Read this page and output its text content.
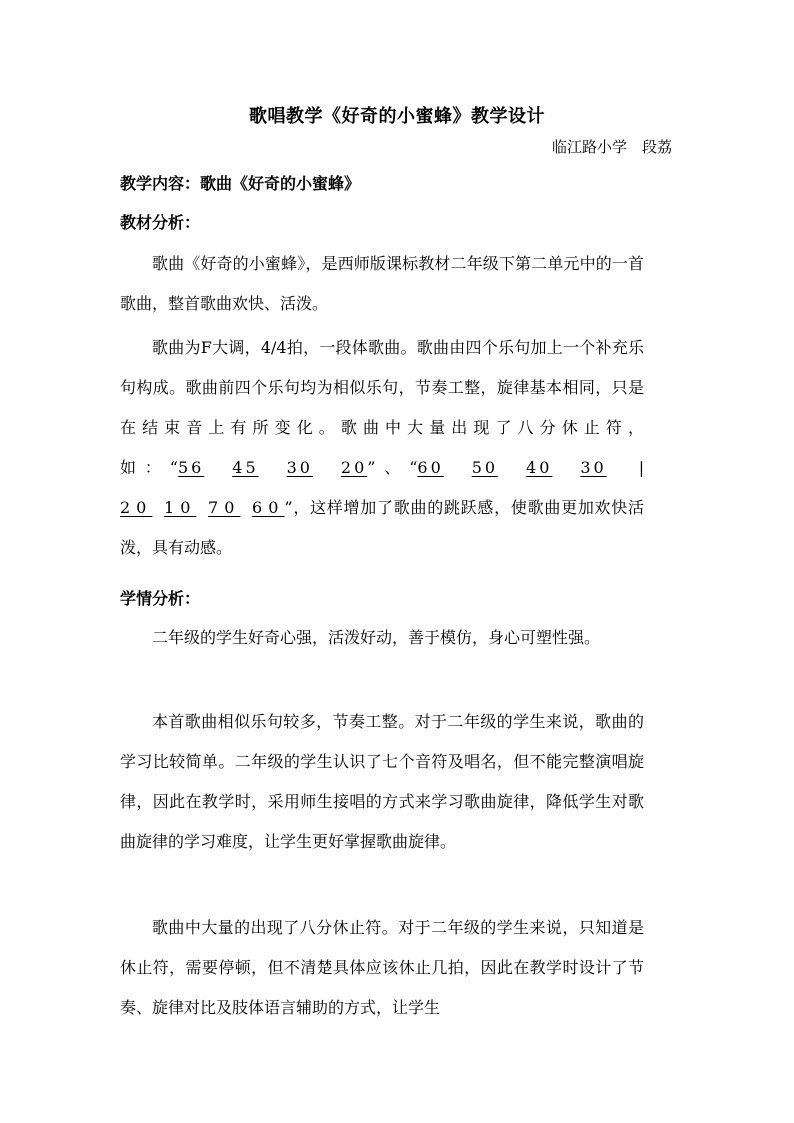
歌唱教学《好奇的小蜜蜂》教学设计
临江路小学　段荔
教学内容：歌曲《好奇的小蜜蜂》
教材分析：

歌曲《好奇的小蜜蜂》，是西师版课标教材二年级下第二单元中的一首歌曲，整首歌曲欢快、活泼。

歌曲为F大调，4/4拍，一段体歌曲。歌曲由四个乐句加上一个补充乐句构成。歌曲前四个乐句均为相似乐句，节奏工整，旋律基本相同，只是在结束音上有所变化。歌曲中大量出现了八分休止符，如：“56 45 30 20”、“60 50 40 30 |20 10 70 60”，这样增加了歌曲的跳跃感，使歌曲更加欢快活泼，具有动感。

学情分析：

二年级的学生好奇心强，活泼好动，善于模仿，身心可塑性强。

本首歌曲相似乐句较多，节奏工整。对于二年级的学生来说，歌曲的学习比较简单。二年级的学生认识了七个音符及唱名，但不能完整演唱旋律，因此在教学时，采用师生接唱的方式来学习歌曲旋律，降低学生对歌曲旋律的学习难度，让学生更好掌握歌曲旋律。

歌曲中大量的出现了八分休止符。对于二年级的学生来说，只知道是休止符，需要停顿，但不清楚具体应该休止几拍，因此在教学时设计了节奏、旋律对比及肢体语言辅助的方式，让学生
